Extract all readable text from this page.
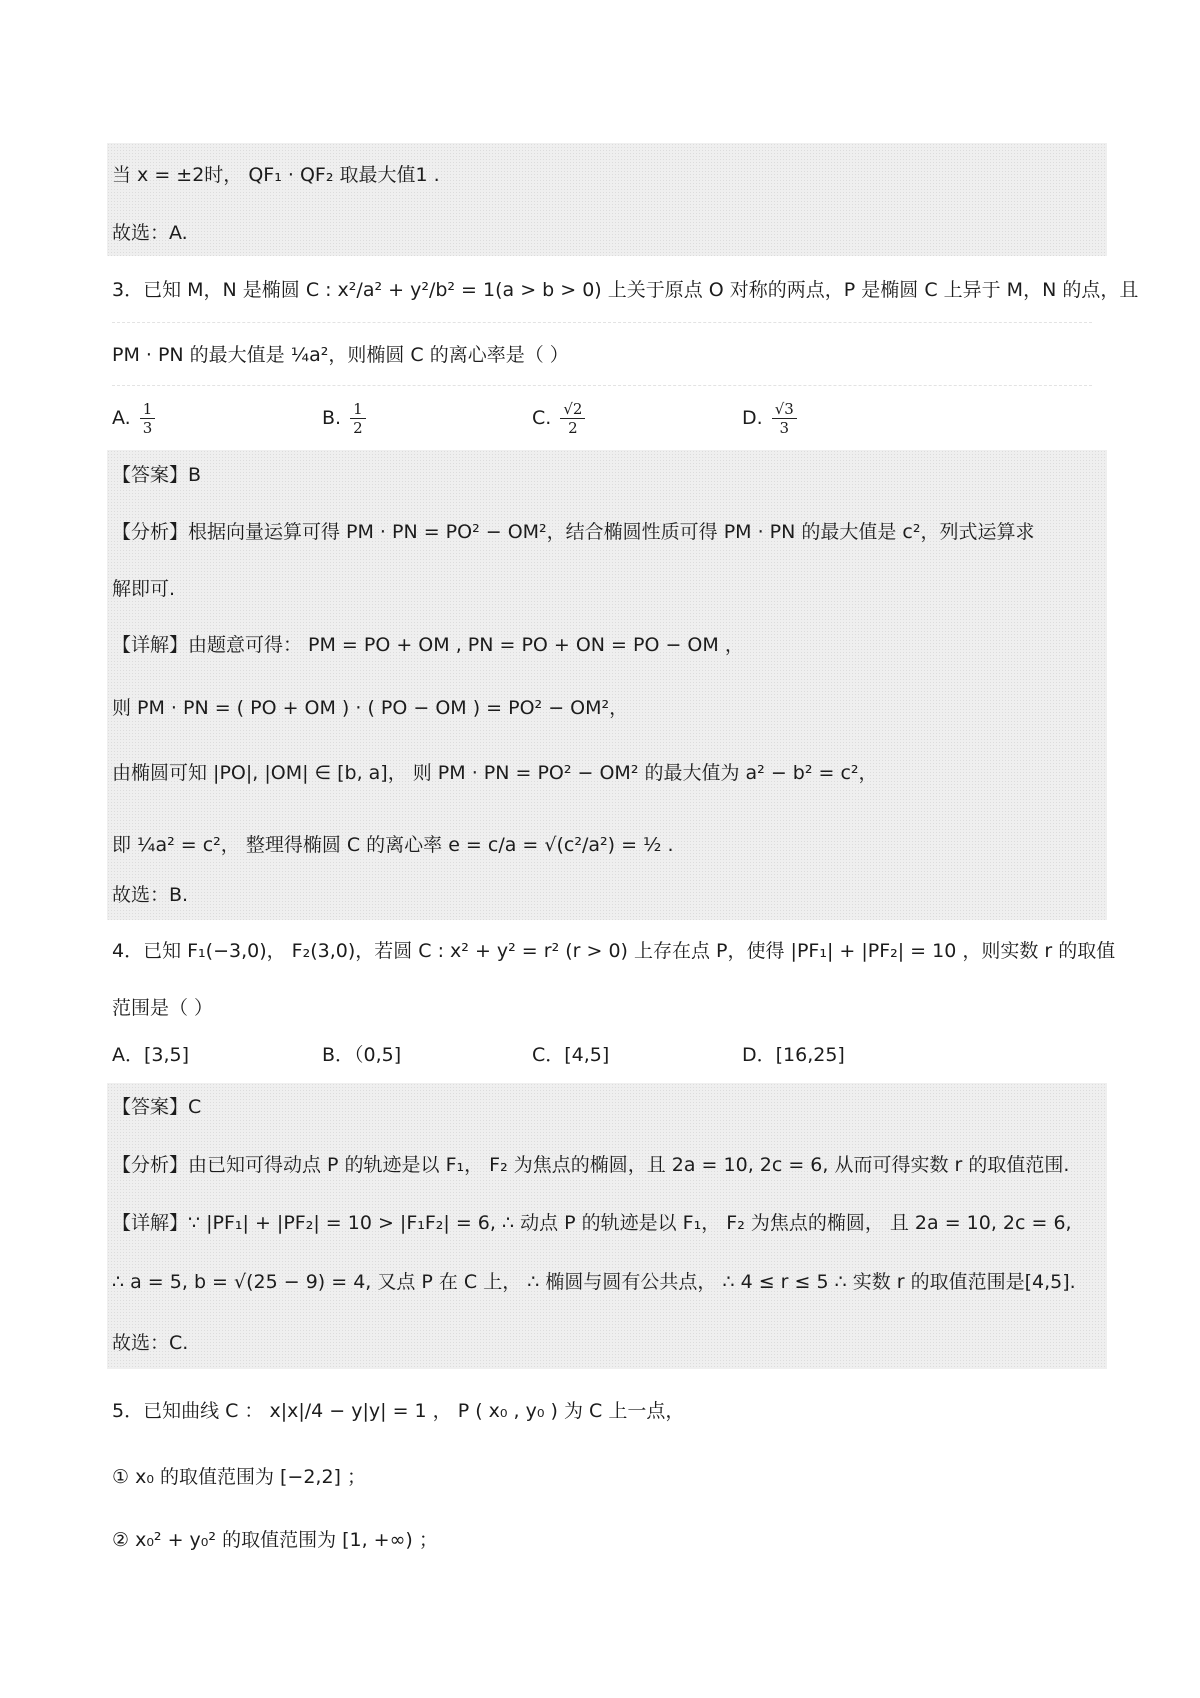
当 x = ±2时， QF₁ · QF₂ 取最大值1 .
故选：A.
3．已知 M，N 是椭圆 C : x²/a² + y²/b² = 1(a > b > 0) 上关于原点 O 对称的两点，P 是椭圆 C 上异于 M，N 的点，且
PM · PN 的最大值是 ¼a²，则椭圆 C 的离心率是（ ）
A. $\frac{1}{3}$	B. $\frac{1}{2}$	C. $\frac{√2}{2}$	D. $\frac{√3}{3}$
【答案】B
【分析】根据向量运算可得 PM · PN = PO² − OM²，结合椭圆性质可得 PM · PN 的最大值是 c²，列式运算求
解即可.
【详解】由题意可得： PM = PO + OM , PN = PO + ON = PO − OM ，
则 PM · PN = ( PO + OM ) · ( PO − OM ) = PO² − OM²，
由椭圆可知 |PO|, |OM| ∈ [b, a]， 则 PM · PN = PO² − OM² 的最大值为 a² − b² = c²，
即 ¼a² = c²， 整理得椭圆 C 的离心率 e = c/a = √(c²/a²) = ½ .
故选：B.
4．已知 F₁(−3,0)， F₂(3,0)，若圆 C : x² + y² = r² (r > 0) 上存在点 P，使得 |PF₁| + |PF₂| = 10 ，则实数 r 的取值
范围是（ ）
A．[3,5]	B．（0,5]	C．[4,5]	D．[16,25]
【答案】C
【分析】由已知可得动点 P 的轨迹是以 F₁， F₂ 为焦点的椭圆，且 2a = 10, 2c = 6, 从而可得实数 r 的取值范围.
【详解】∵ |PF₁| + |PF₂| = 10 > |F₁F₂| = 6, ∴ 动点 P 的轨迹是以 F₁， F₂ 为焦点的椭圆， 且 2a = 10, 2c = 6,
∴ a = 5, b = √(25 − 9) = 4, 又点 P 在 C 上， ∴ 椭圆与圆有公共点， ∴ 4 ≤ r ≤ 5 ∴ 实数 r 的取值范围是[4,5].
故选：C.
5．已知曲线 C ： x|x|/4 − y|y| = 1 ， P ( x₀ , y₀ ) 为 C 上一点，
① x₀ 的取值范围为 [−2,2] ；
② x₀² + y₀² 的取值范围为 [1, +∞) ；
